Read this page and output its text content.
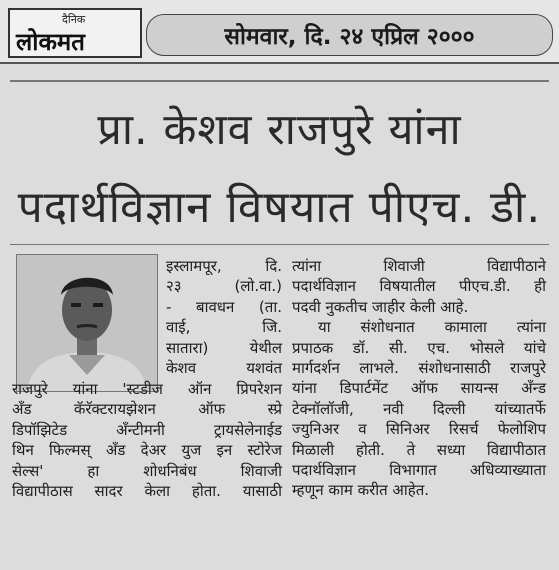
दैनिक
लोकमत	सोमवार, दि. २४ एप्रिल २०००
प्रा. केशव राजपुरे यांना
पदार्थविज्ञान विषयात पीएच. डी.
इस्लामपूर, दि.
२३ (लो.वा.)
- बावधन (ता.
वाई, जि.
सातारा) येथील
केशव यशवंत
राजपुरे यांना 'स्टडीज ऑन प्रिपरेशन
अँड कॅरॅक्टरायझेशन ऑफ स्प्रे
डिपॉझिटेड अँन्टीमनी ट्रायसेलेनाईड
थिन फिल्मस् अँड देअर युज इन स्टोरेज
सेल्स' हा शोधनिबंध शिवाजी
विद्यापीठास सादर केला होता. यासाठी
त्यांना शिवाजी विद्यापीठाने
पदार्थविज्ञान विषयातील पीएच.डी. ही
पदवी नुकतीच जाहीर केली आहे.
या संशोधनात कामाला त्यांना
प्रपाठक डॉ. सी. एच. भोसले यांचे
मार्गदर्शन लाभले. संशोधनासाठी राजपुरे
यांना डिपार्टमेंट ऑफ सायन्स अँन्ड
टेक्नॉलॉजी, नवी दिल्ली यांच्यातर्फे
ज्युनिअर व सिनिअर रिसर्च फेलोशिप
मिळाली होती. ते सध्या विद्यापीठात
पदार्थविज्ञान विभागात अधिव्याख्याता
म्हणून काम करीत आहेत.
